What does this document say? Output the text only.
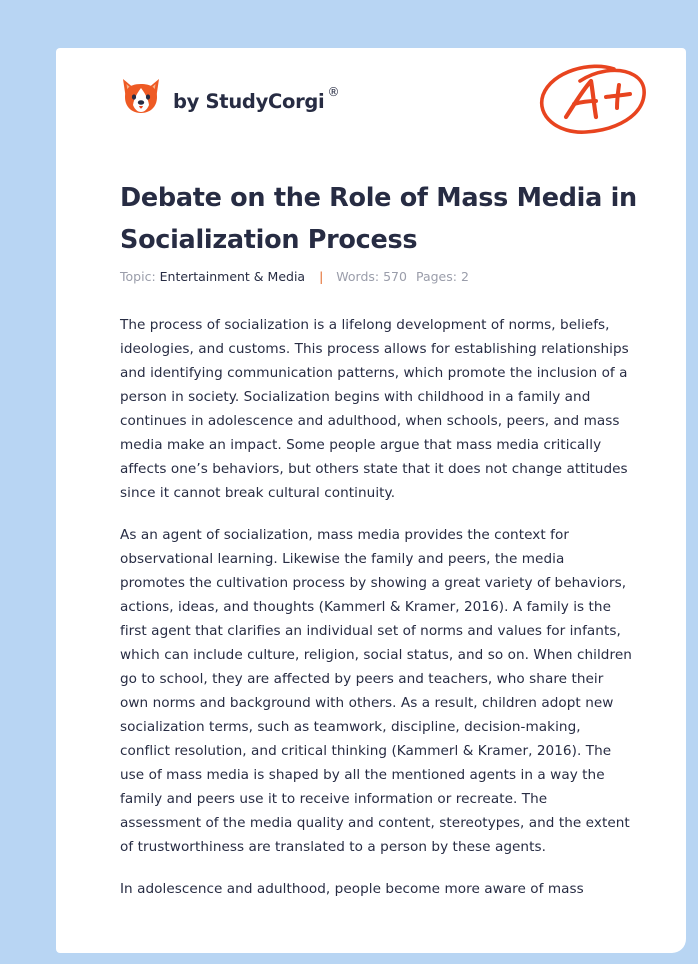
by StudyCorgi ®
Debate on the Role of Mass Media in Socialization Process
Topic: Entertainment & Media | Words: 570 Pages: 2

The process of socialization is a lifelong development of norms, beliefs, ideologies, and customs. This process allows for establishing relationships and identifying communication patterns, which promote the inclusion of a person in society. Socialization begins with childhood in a family and continues in adolescence and adulthood, when schools, peers, and mass media make an impact. Some people argue that mass media critically affects one’s behaviors, but others state that it does not change attitudes since it cannot break cultural continuity.

As an agent of socialization, mass media provides the context for observational learning. Likewise the family and peers, the media promotes the cultivation process by showing a great variety of behaviors, actions, ideas, and thoughts (Kammerl & Kramer, 2016). A family is the first agent that clarifies an individual set of norms and values for infants, which can include culture, religion, social status, and so on. When children go to school, they are affected by peers and teachers, who share their own norms and background with others. As a result, children adopt new socialization terms, such as teamwork, discipline, decision-making, conflict resolution, and critical thinking (Kammerl & Kramer, 2016). The use of mass media is shaped by all the mentioned agents in a way the family and peers use it to receive information or recreate. The assessment of the media quality and content, stereotypes, and the extent of trustworthiness are translated to a person by these agents.

In adolescence and adulthood, people become more aware of mass
